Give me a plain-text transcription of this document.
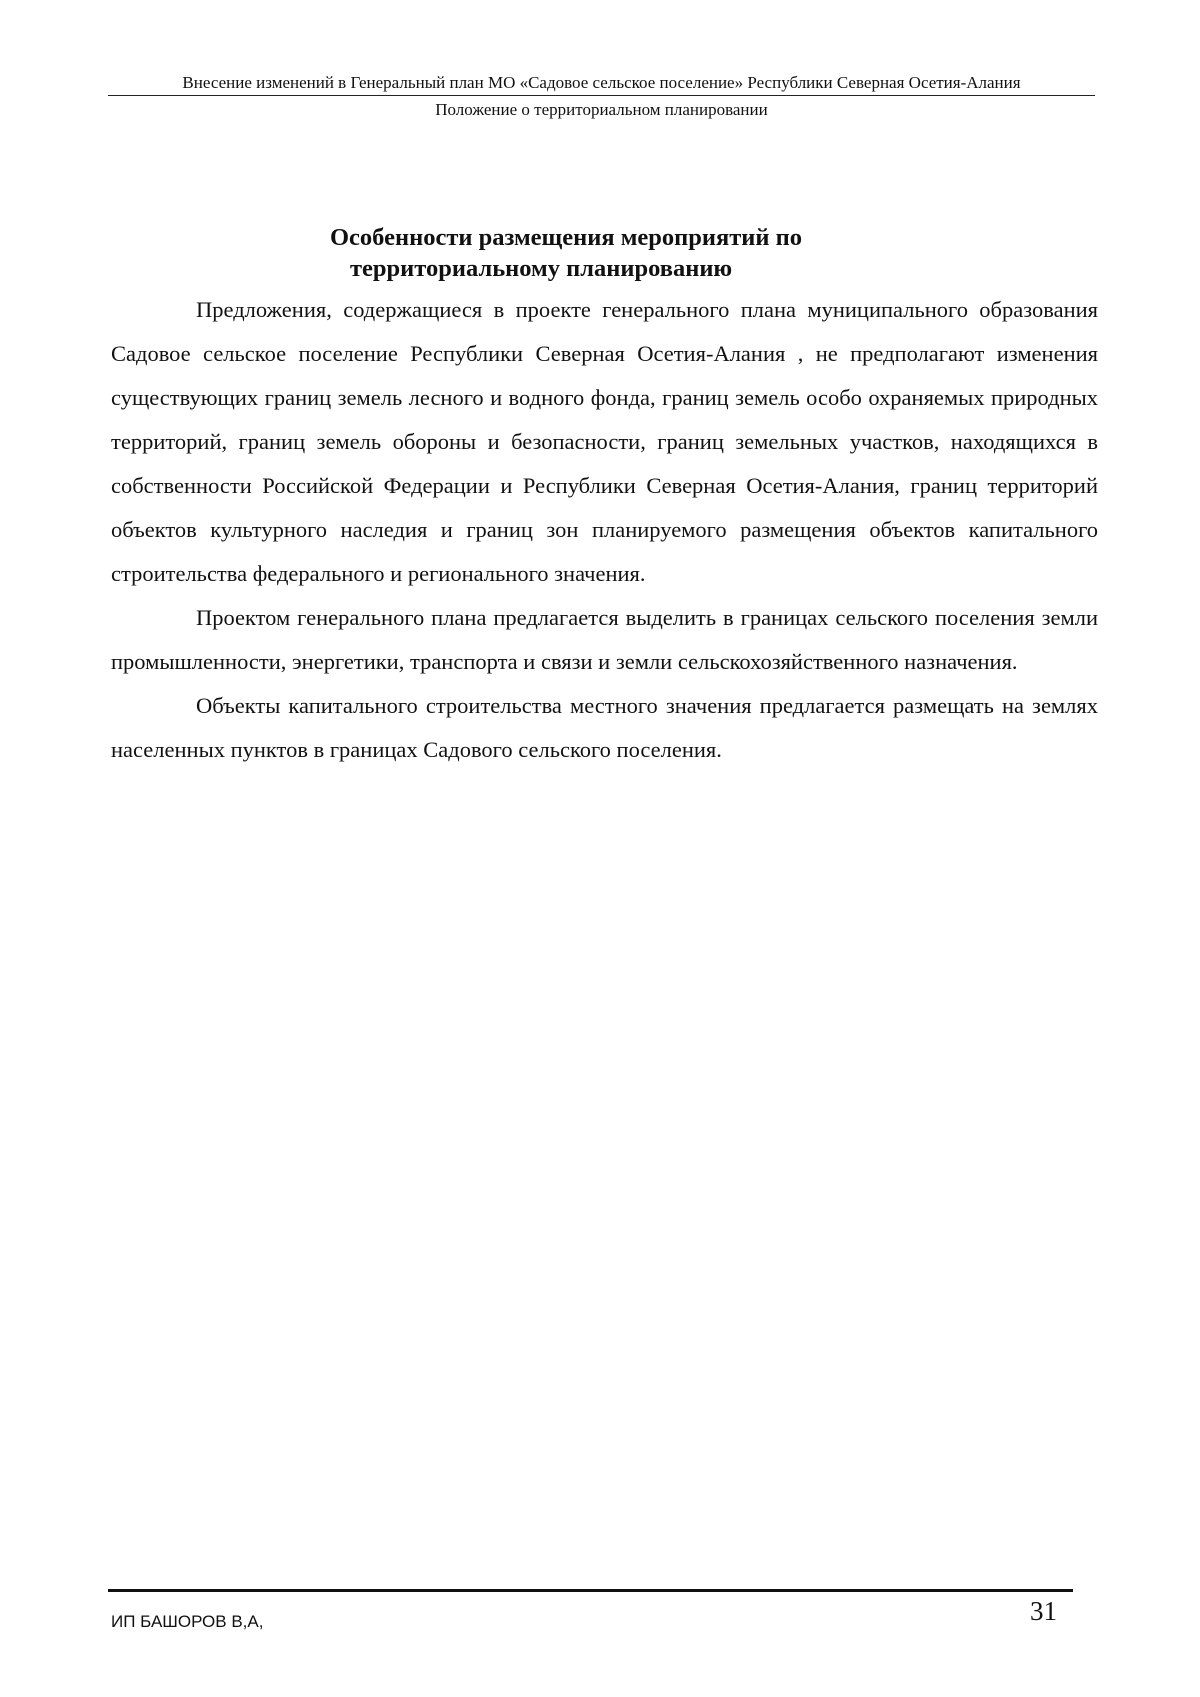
Внесение изменений в Генеральный план МО «Садовое сельское поселение» Республики Северная Осетия-Алания
Положение о территориальном планировании
Особенности размещения мероприятий по
территориальному планированию

Предложения, содержащиеся в проекте генерального плана муниципального образования Садовое сельское поселение Республики Северная Осетия-Алания , не предполагают изменения существующих границ земель лесного и водного фонда, границ земель особо охраняемых природных территорий, границ земель обороны и безопасности, границ земельных участков, находящихся в собственности Российской Федерации и Республики Северная Осетия-Алания, границ территорий объектов культурного наследия и границ зон планируемого размещения объектов капитального строительства федерального и регионального значения.

Проектом генерального плана предлагается выделить в границах сельского поселения земли промышленности, энергетики, транспорта и связи и земли сельскохозяйственного назначения.

Объекты капитального строительства местного значения предлагается размещать на землях населенных пунктов в границах Садового сельского поселения.

ИП БАШОРОВ В,А,	31
